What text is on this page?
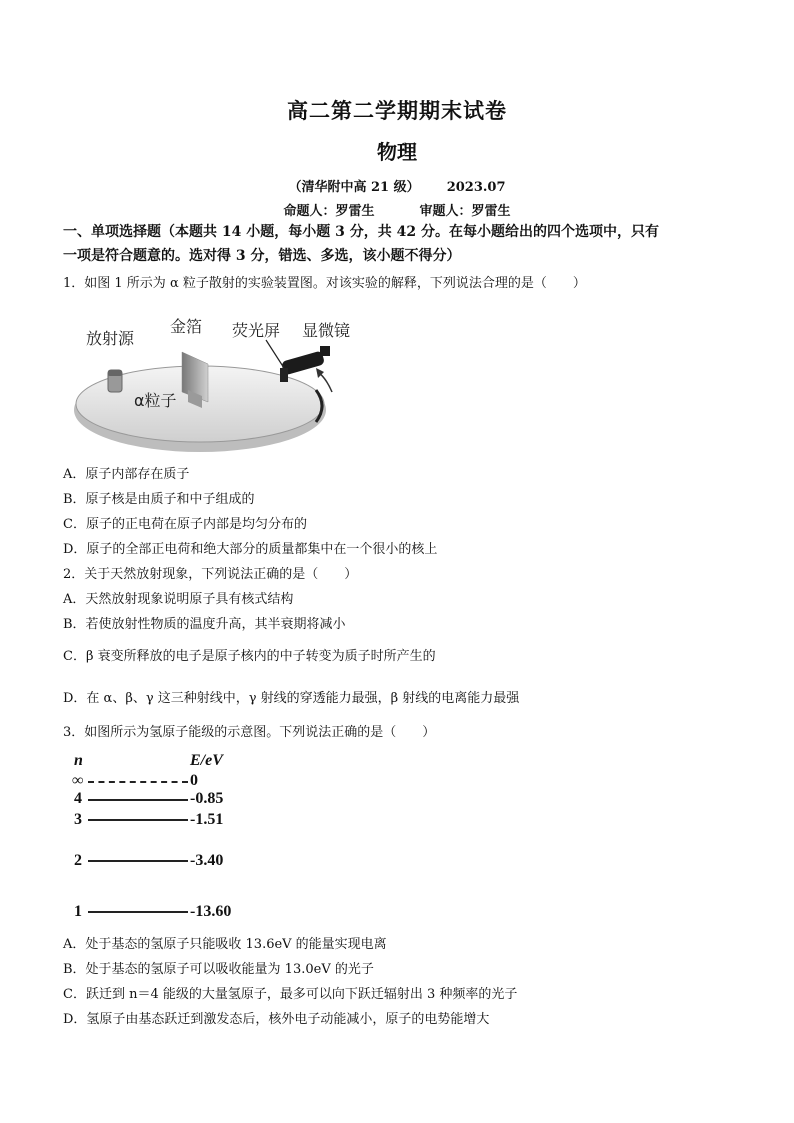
高二第二学期期末试卷
物理
（清华附中高 21 级） 2023.07
命题人：罗雷生	审题人：罗雷生
一、单项选择题（本题共 14 小题，每小题 3 分，共 42 分。在每小题给出的四个选项中，只有
一项是符合题意的。选对得 3 分，错选、多选，该小题不得分）
1．如图 1 所示为 α 粒子散射的实验装置图。对该实验的解释，下列说法合理的是（　　）
放射源
金箔 荧光屏 显微镜
α粒子
A．原子内部存在质子
B．原子核是由质子和中子组成的
C．原子的正电荷在原子内部是均匀分布的
D．原子的全部正电荷和绝大部分的质量都集中在一个很小的核上
2．关于天然放射现象，下列说法正确的是（　　）
A．天然放射现象说明原子具有核式结构
B．若使放射性物质的温度升高，其半衰期将减小
C．β 衰变所释放的电子是原子核内的中子转变为质子时所产生的
D．在 α、β、γ 这三种射线中，γ 射线的穿透能力最强，β 射线的电离能力最强
3．如图所示为氢原子能级的示意图。下列说法正确的是（　　）
n	E/eV
∞	0
4	-0.85
3	-1.51
2	-3.40
1	-13.60
A．处于基态的氢原子只能吸收 13.6eV 的能量实现电离
B．处于基态的氢原子可以吸收能量为 13.0eV 的光子
C．跃迁到 n＝4 能级的大量氢原子，最多可以向下跃迁辐射出 3 种频率的光子
D．氢原子由基态跃迁到激发态后，核外电子动能减小，原子的电势能增大
